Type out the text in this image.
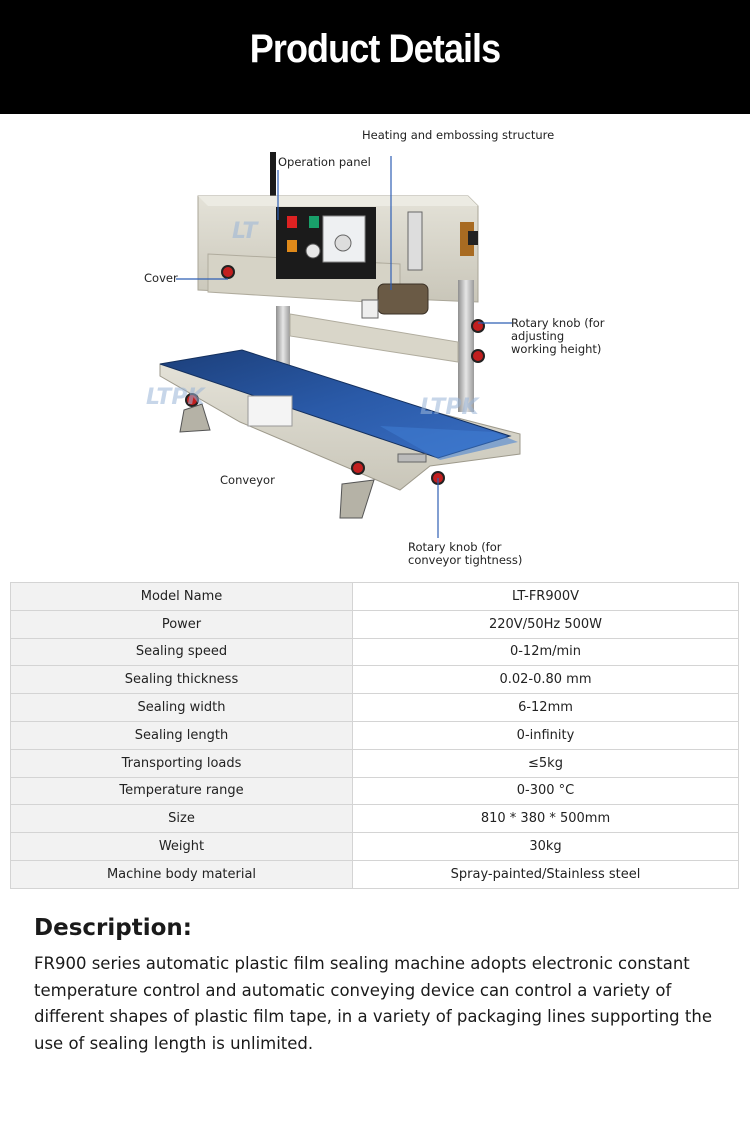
Product Details
LT
LTPK	LTPK
Heating and embossing structure
Operation panel
Cover
Rotary knob (for adjusting working height)
Conveyor
Rotary knob (for conveyor tightness)
Model Name	LT-FR900V
Power	220V/50Hz 500W
Sealing speed	0-12m/min
Sealing thickness	0.02-0.80 mm
Sealing width	6-12mm
Sealing length	0-infinity
Transporting loads	≤5kg
Temperature range	0-300 °C
Size	810 * 380 * 500mm
Weight	30kg
Machine body material	Spray-painted/Stainless steel
Description:
FR900 series automatic plastic film sealing machine adopts electronic constant temperature control and automatic conveying device can control a variety of different shapes of plastic film tape, in a variety of packaging lines supporting the use of sealing length is unlimited.
